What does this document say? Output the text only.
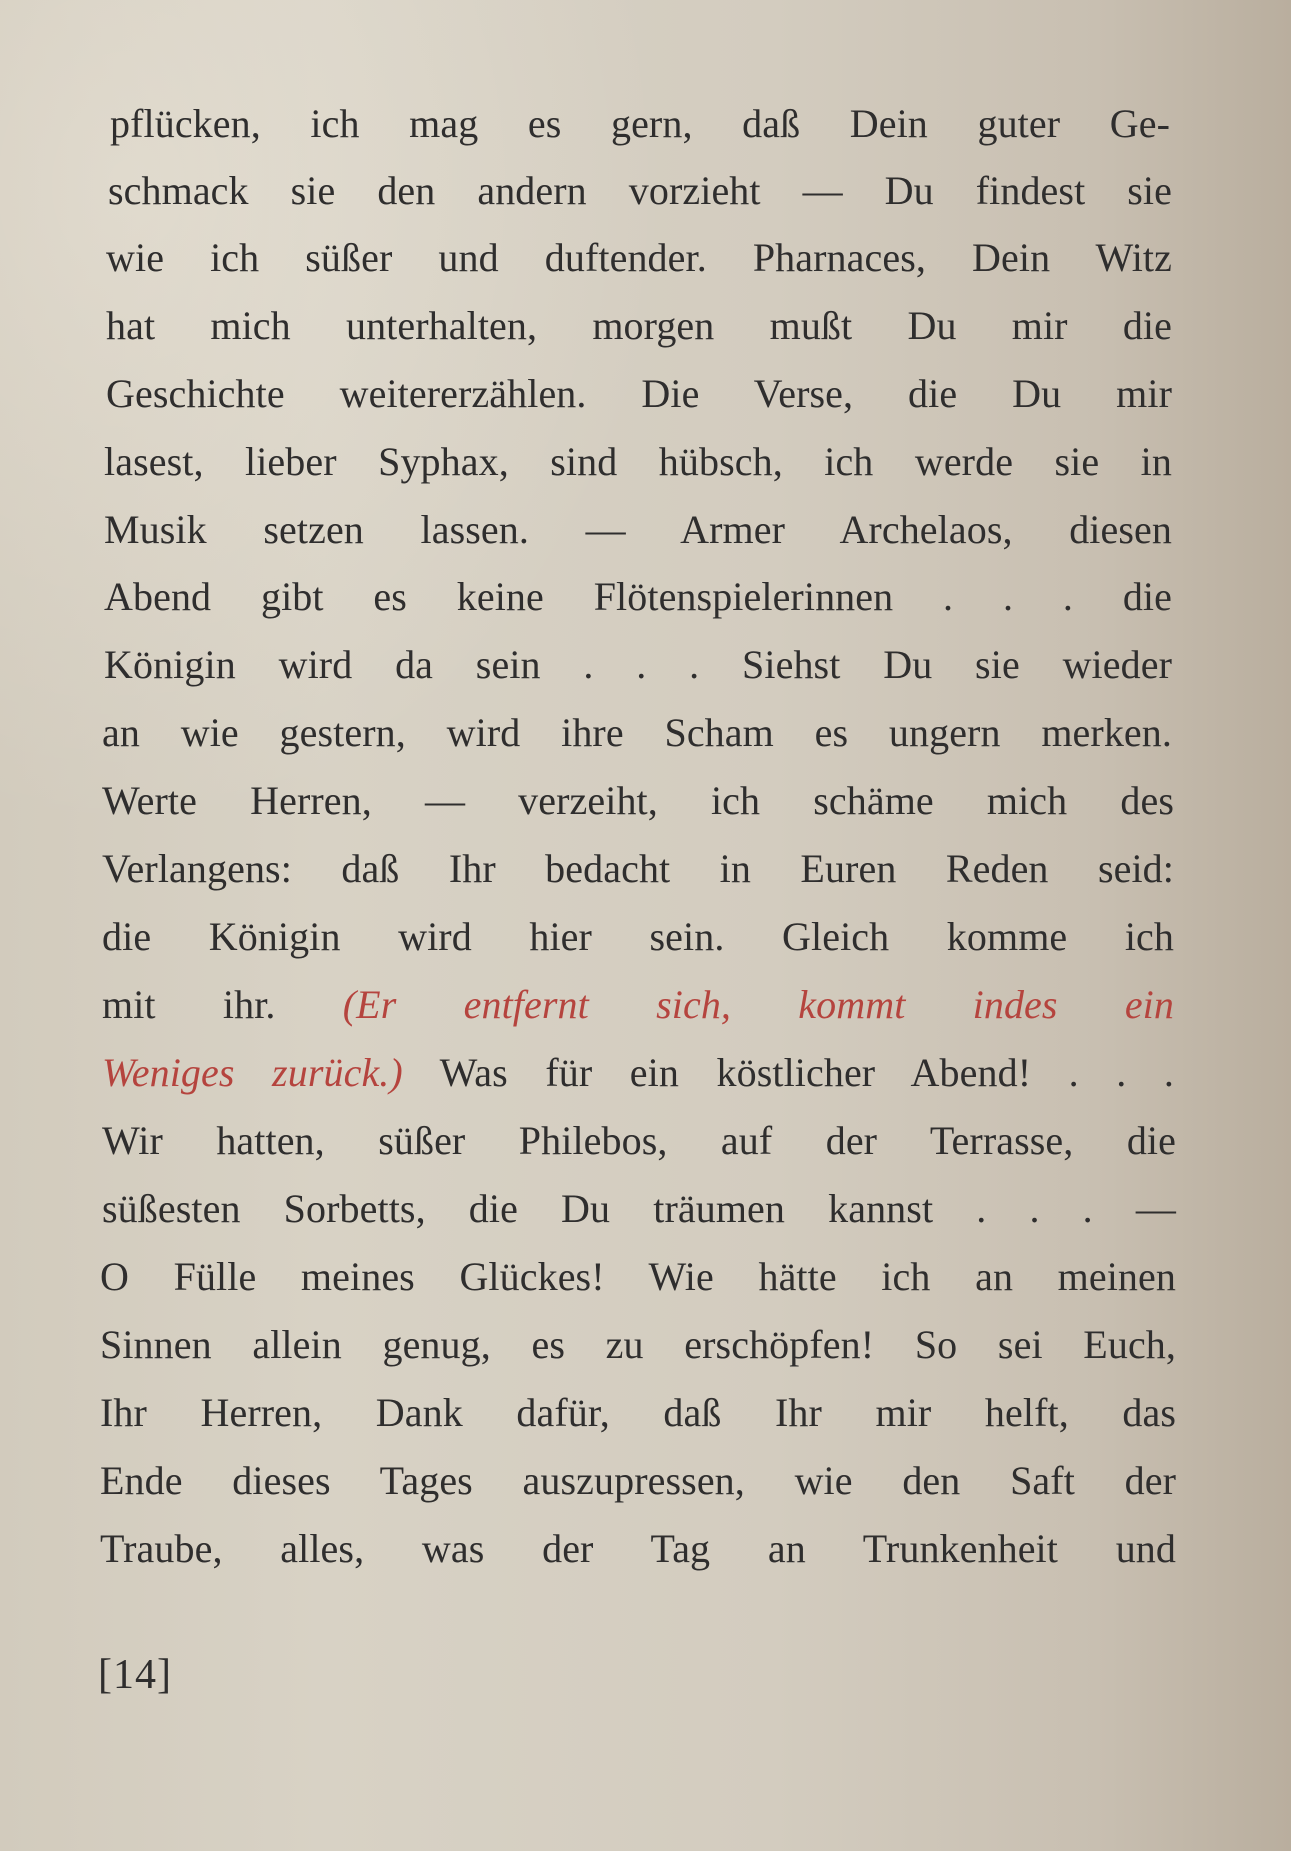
pflücken, ich mag es gern, daß Dein guter Ge-
schmack sie den andern vorzieht — Du findest sie
wie ich süßer und duftender. Pharnaces, Dein Witz
hat mich unterhalten, morgen mußt Du mir die
Geschichte weitererzählen. Die Verse, die Du mir
lasest, lieber Syphax, sind hübsch, ich werde sie in
Musik setzen lassen. — Armer Archelaos, diesen
Abend gibt es keine Flötenspielerinnen . . . die
Königin wird da sein . . . Siehst Du sie wieder
an wie gestern, wird ihre Scham es ungern merken.
Werte Herren, — verzeiht, ich schäme mich des
Verlangens: daß Ihr bedacht in Euren Reden seid:
die Königin wird hier sein. Gleich komme ich
mit ihr. (Er entfernt sich, kommt indes ein
Weniges zurück.) Was für ein köstlicher Abend! . . .
Wir hatten, süßer Philebos, auf der Terrasse, die
süßesten Sorbetts, die Du träumen kannst . . . —
O Fülle meines Glückes! Wie hätte ich an meinen
Sinnen allein genug, es zu erschöpfen! So sei Euch,
Ihr Herren, Dank dafür, daß Ihr mir helft, das
Ende dieses Tages auszupressen, wie den Saft der
Traube, alles, was der Tag an Trunkenheit und
[14]
